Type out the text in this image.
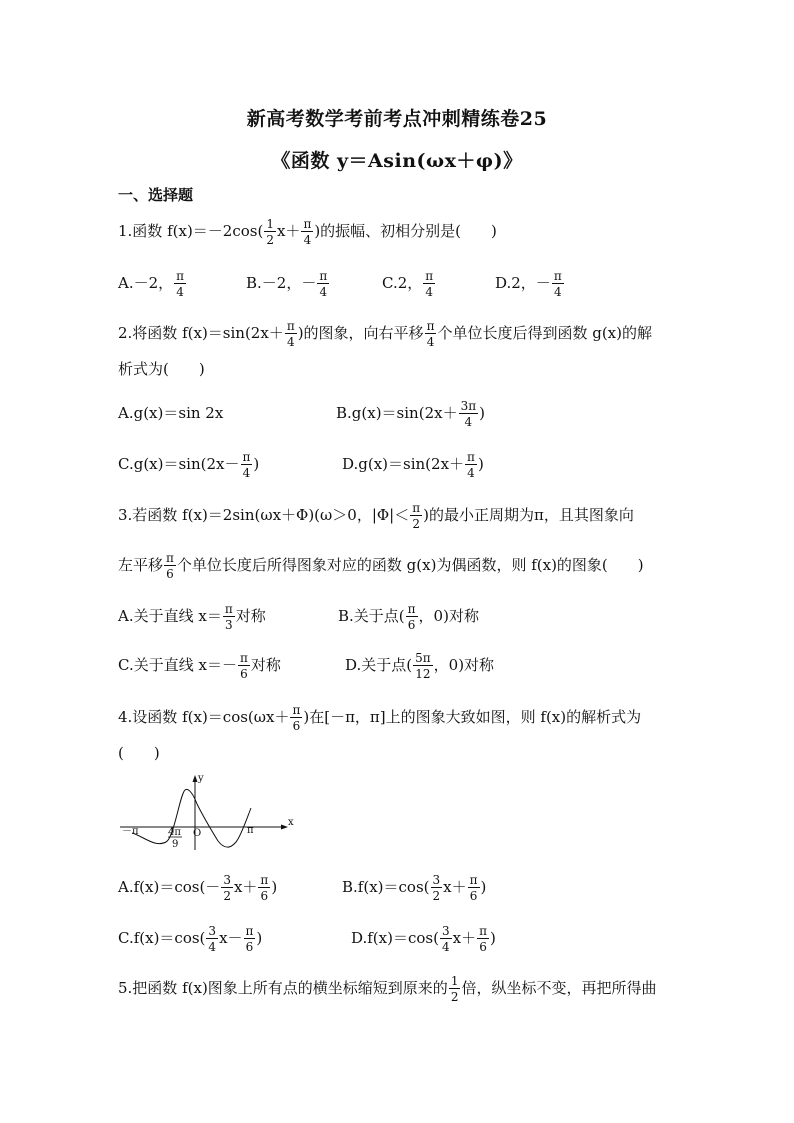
新高考数学考前考点冲刺精练卷25
《函数 y＝Asin(ωx＋φ)》
一、选择题
1.函数 $f(x)=-2\cos( \frac{1}{2} x+ \frac{\pi}{4}$ )的振幅、初相分别是(　　)
A.－2， $\frac{\pi}{4}$	B.－2，－ $\frac{\pi}{4}$	C.2， $\frac{\pi}{4}$	D.2，－ $\frac{\pi}{4}$
2.将函数 $f(x)=\sin(2x+ \frac{\pi}{4}$ )的图象，向右平移 $\frac{\pi}{4}$ 个单位长度后得到函数 g(x)的解
析式为(　　)
A.g(x)＝sin 2x	$B.g(x)=\sin(2x+ \frac{3\pi}{4}$ )
$C.g(x)=\sin(2x- \frac{\pi}{4}$ )	$D.g(x)=\sin(2x+ \frac{\pi}{4}$ )
3.若函数 f(x)＝2sin(ωx＋Φ)(ω＞0，$|\Phi|< \frac{\pi}{2}$ )的最小正周期为π，且其图象向
左平移 $\frac{\pi}{6}$ 个单位长度后所得图象对应的函数 g(x)为偶函数，则 f(x)的图象(　　)
A.关于直线 $x= \frac{\pi}{3}$ 对称	B.关于点( $\frac{\pi}{6}$ ，0)对称
C.关于直线 $x=- \frac{\pi}{6}$ 对称	D.关于点( $\frac{5\pi}{12}$ ，0)对称
4.设函数 $f(x)=\cos(\omega x+ \frac{\pi}{6}$ )在[－π，π]上的图象大致如图，则 f(x)的解析式为
(　　)
x
y
－π	O	π
4π
9
$A.f(x)=\cos(- \frac{3}{2} x+ \frac{\pi}{6}$ )	$B.f(x)=\cos( \frac{3}{2} x+ \frac{\pi}{6}$ )
$C.f(x)=\cos( \frac{3}{4} x- \frac{\pi}{6}$ )	$D.f(x)=\cos( \frac{3}{4} x+ \frac{\pi}{6}$ )
5.把函数 f(x)图象上所有点的横坐标缩短到原来的 $\frac{1}{2}$ 倍，纵坐标不变，再把所得曲
